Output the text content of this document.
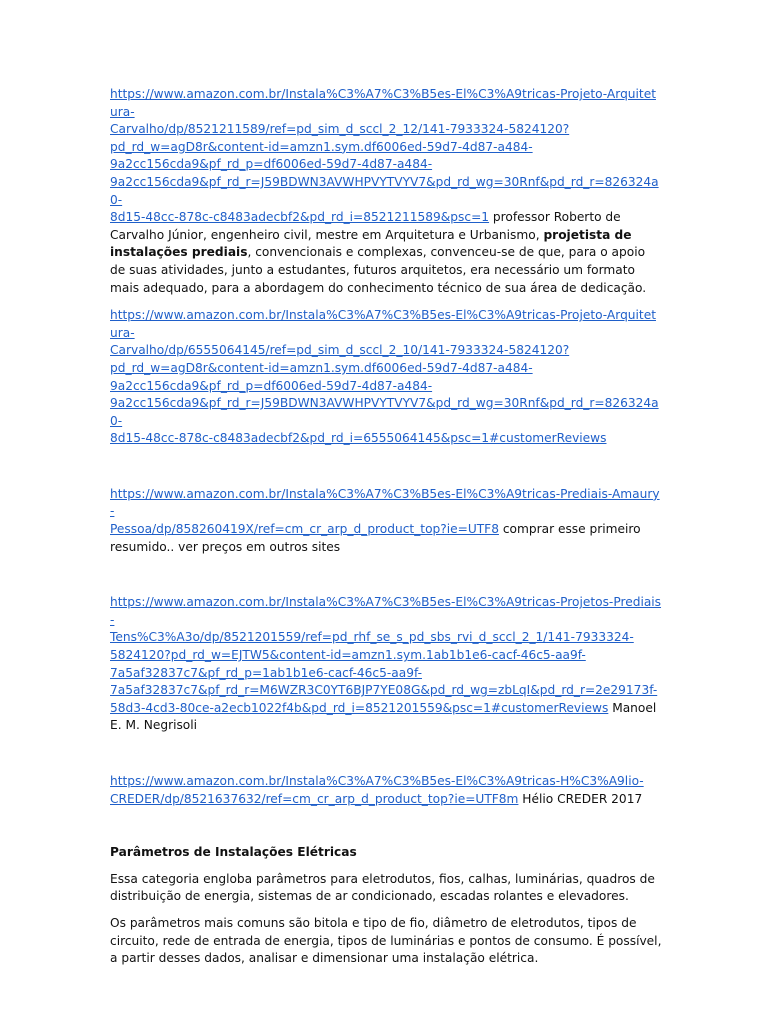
https://www.amazon.com.br/Instala%C3%A7%C3%B5es-El%C3%A9tricas-Projeto-Arquitetura-
Carvalho/dp/8521211589/ref=pd_sim_d_sccl_2_12/141-7933324-5824120?
pd_rd_w=agD8r&content-id=amzn1.sym.df6006ed-59d7-4d87-a484-
9a2cc156cda9&pf_rd_p=df6006ed-59d7-4d87-a484-
9a2cc156cda9&pf_rd_r=J59BDWN3AVWHPVYTVYV7&pd_rd_wg=30Rnf&pd_rd_r=826324a0-
8d15-48cc-878c-c8483adecbf2&pd_rd_i=8521211589&psc=1 professor Roberto de Carvalho Júnior, engenheiro civil, mestre em Arquitetura e Urbanismo, projetista de instalações prediais, convencionais e complexas, convenceu-se de que, para o apoio de suas atividades, junto a estudantes, futuros arquitetos, era necessário um formato mais adequado, para a abordagem do conhecimento técnico de sua área de dedicação.

https://www.amazon.com.br/Instala%C3%A7%C3%B5es-El%C3%A9tricas-Projeto-Arquitetura-
Carvalho/dp/6555064145/ref=pd_sim_d_sccl_2_10/141-7933324-5824120?
pd_rd_w=agD8r&content-id=amzn1.sym.df6006ed-59d7-4d87-a484-
9a2cc156cda9&pf_rd_p=df6006ed-59d7-4d87-a484-
9a2cc156cda9&pf_rd_r=J59BDWN3AVWHPVYTVYV7&pd_rd_wg=30Rnf&pd_rd_r=826324a0-
8d15-48cc-878c-c8483adecbf2&pd_rd_i=6555064145&psc=1#customerReviews

https://www.amazon.com.br/Instala%C3%A7%C3%B5es-El%C3%A9tricas-Prediais-Amaury-
Pessoa/dp/858260419X/ref=cm_cr_arp_d_product_top?ie=UTF8 comprar esse primeiro resumido.. ver preços em outros sites

https://www.amazon.com.br/Instala%C3%A7%C3%B5es-El%C3%A9tricas-Projetos-Prediais-
Tens%C3%A3o/dp/8521201559/ref=pd_rhf_se_s_pd_sbs_rvi_d_sccl_2_1/141-7933324-
5824120?pd_rd_w=EJTW5&content-id=amzn1.sym.1ab1b1e6-cacf-46c5-aa9f-
7a5af32837c7&pf_rd_p=1ab1b1e6-cacf-46c5-aa9f-
7a5af32837c7&pf_rd_r=M6WZR3C0YT6BJP7YE08G&pd_rd_wg=zbLqI&pd_rd_r=2e29173f-
58d3-4cd3-80ce-a2ecb1022f4b&pd_rd_i=8521201559&psc=1#customerReviews Manoel E. M. Negrisoli

https://www.amazon.com.br/Instala%C3%A7%C3%B5es-El%C3%A9tricas-H%C3%A9lio-
CREDER/dp/8521637632/ref=cm_cr_arp_d_product_top?ie=UTF8m Hélio CREDER 2017

Parâmetros de Instalações Elétricas

Essa categoria engloba parâmetros para eletrodutos, fios, calhas, luminárias, quadros de distribuição de energia, sistemas de ar condicionado, escadas rolantes e elevadores.

Os parâmetros mais comuns são bitola e tipo de fio, diâmetro de eletrodutos, tipos de circuito, rede de entrada de energia, tipos de luminárias e pontos de consumo. É possível, a partir desses dados, analisar e dimensionar uma instalação elétrica.
